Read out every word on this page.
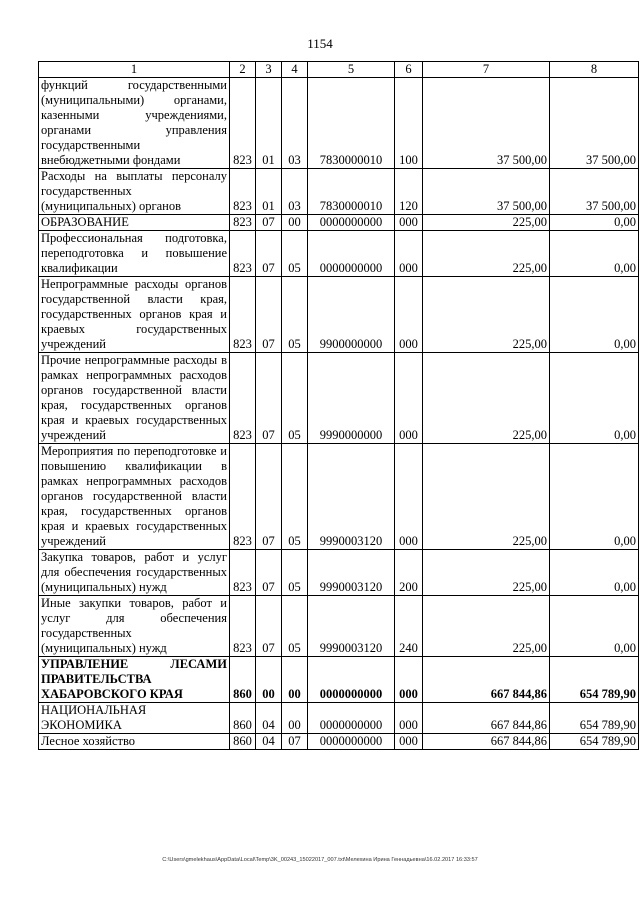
1154
1	2	3	4	5	6	7	8
функций государственными (муниципальными) органами, казенными учреждениями, органами управления государственными внебюджетными фондами	823	01	03	7830000010	100	37 500,00	37 500,00
Расходы на выплаты персоналу государственных (муниципальных) органов	823	01	03	7830000010	120	37 500,00	37 500,00
ОБРАЗОВАНИЕ	823	07	00	0000000000	000	225,00	0,00
Профессиональная подготовка, переподготовка и повышение квалификации	823	07	05	0000000000	000	225,00	0,00
Непрограммные расходы органов государственной власти края, государственных органов края и краевых государственных учреждений	823	07	05	9900000000	000	225,00	0,00
Прочие непрограммные расходы в рамках непрограммных расходов органов государственной власти края, государственных органов края и краевых государственных учреждений	823	07	05	9990000000	000	225,00	0,00
Мероприятия по переподготовке и повышению квалификации в рамках непрограммных расходов органов государственной власти края, государственных органов края и краевых государственных учреждений	823	07	05	9990003120	000	225,00	0,00
Закупка товаров, работ и услуг для обеспечения государственных (муниципальных) нужд	823	07	05	9990003120	200	225,00	0,00
Иные закупки товаров, работ и услуг для обеспечения государственных (муниципальных) нужд	823	07	05	9990003120	240	225,00	0,00
УПРАВЛЕНИЕ ЛЕСАМИ ПРАВИТЕЛЬСТВА ХАБАРОВСКОГО КРАЯ	860	00	00	0000000000	000	667 844,86	654 789,90
НАЦИОНАЛЬНАЯ ЭКОНОМИКА	860	04	00	0000000000	000	667 844,86	654 789,90
Лесное хозяйство	860	04	07	0000000000	000	667 844,86	654 789,90
C:\Users\gmelekhaus\AppData\Local\Temp\3K_00243_15022017_007.txt\Мелехина Ирина Геннадьевна\16.02.2017 16:33:57
